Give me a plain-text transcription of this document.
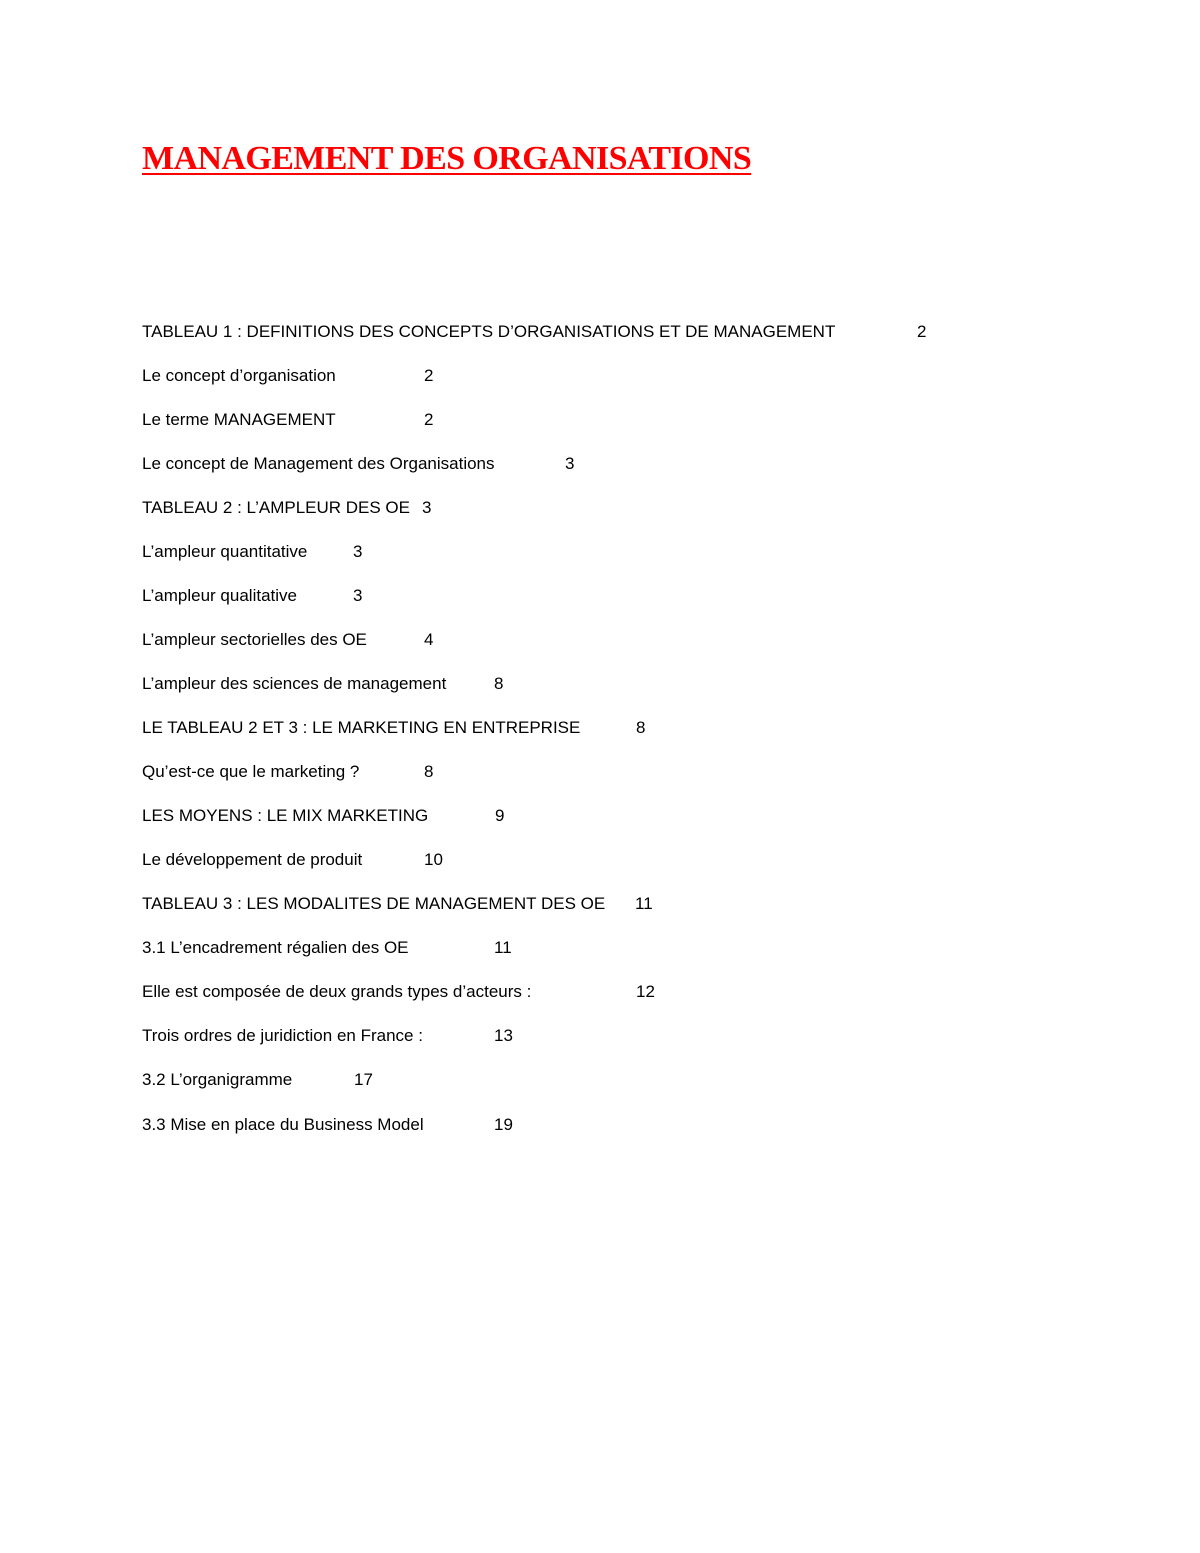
MANAGEMENT DES ORGANISATIONS
TABLEAU 1 : DEFINITIONS DES CONCEPTS D’ORGANISATIONS ET DE MANAGEMENT	2
Le concept d’organisation	2
Le terme MANAGEMENT	2
Le concept de Management des Organisations	3
TABLEAU 2 : L’AMPLEUR DES OE 3
L’ampleur quantitative	3
L’ampleur qualitative	3
L’ampleur sectorielles des OE	4
L’ampleur des sciences de management	8
LE TABLEAU 2 ET 3 : LE MARKETING EN ENTREPRISE	8
Qu’est-ce que le marketing ?	8
LES MOYENS : LE MIX MARKETING	9
Le développement de produit	10
TABLEAU 3 : LES MODALITES DE MANAGEMENT DES OE 11
3.1 L’encadrement régalien des OE	11
Elle est composée de deux grands types d’acteurs :	12
Trois ordres de juridiction en France :	13
3.2 L’organigramme	17
3.3 Mise en place du Business Model	19
